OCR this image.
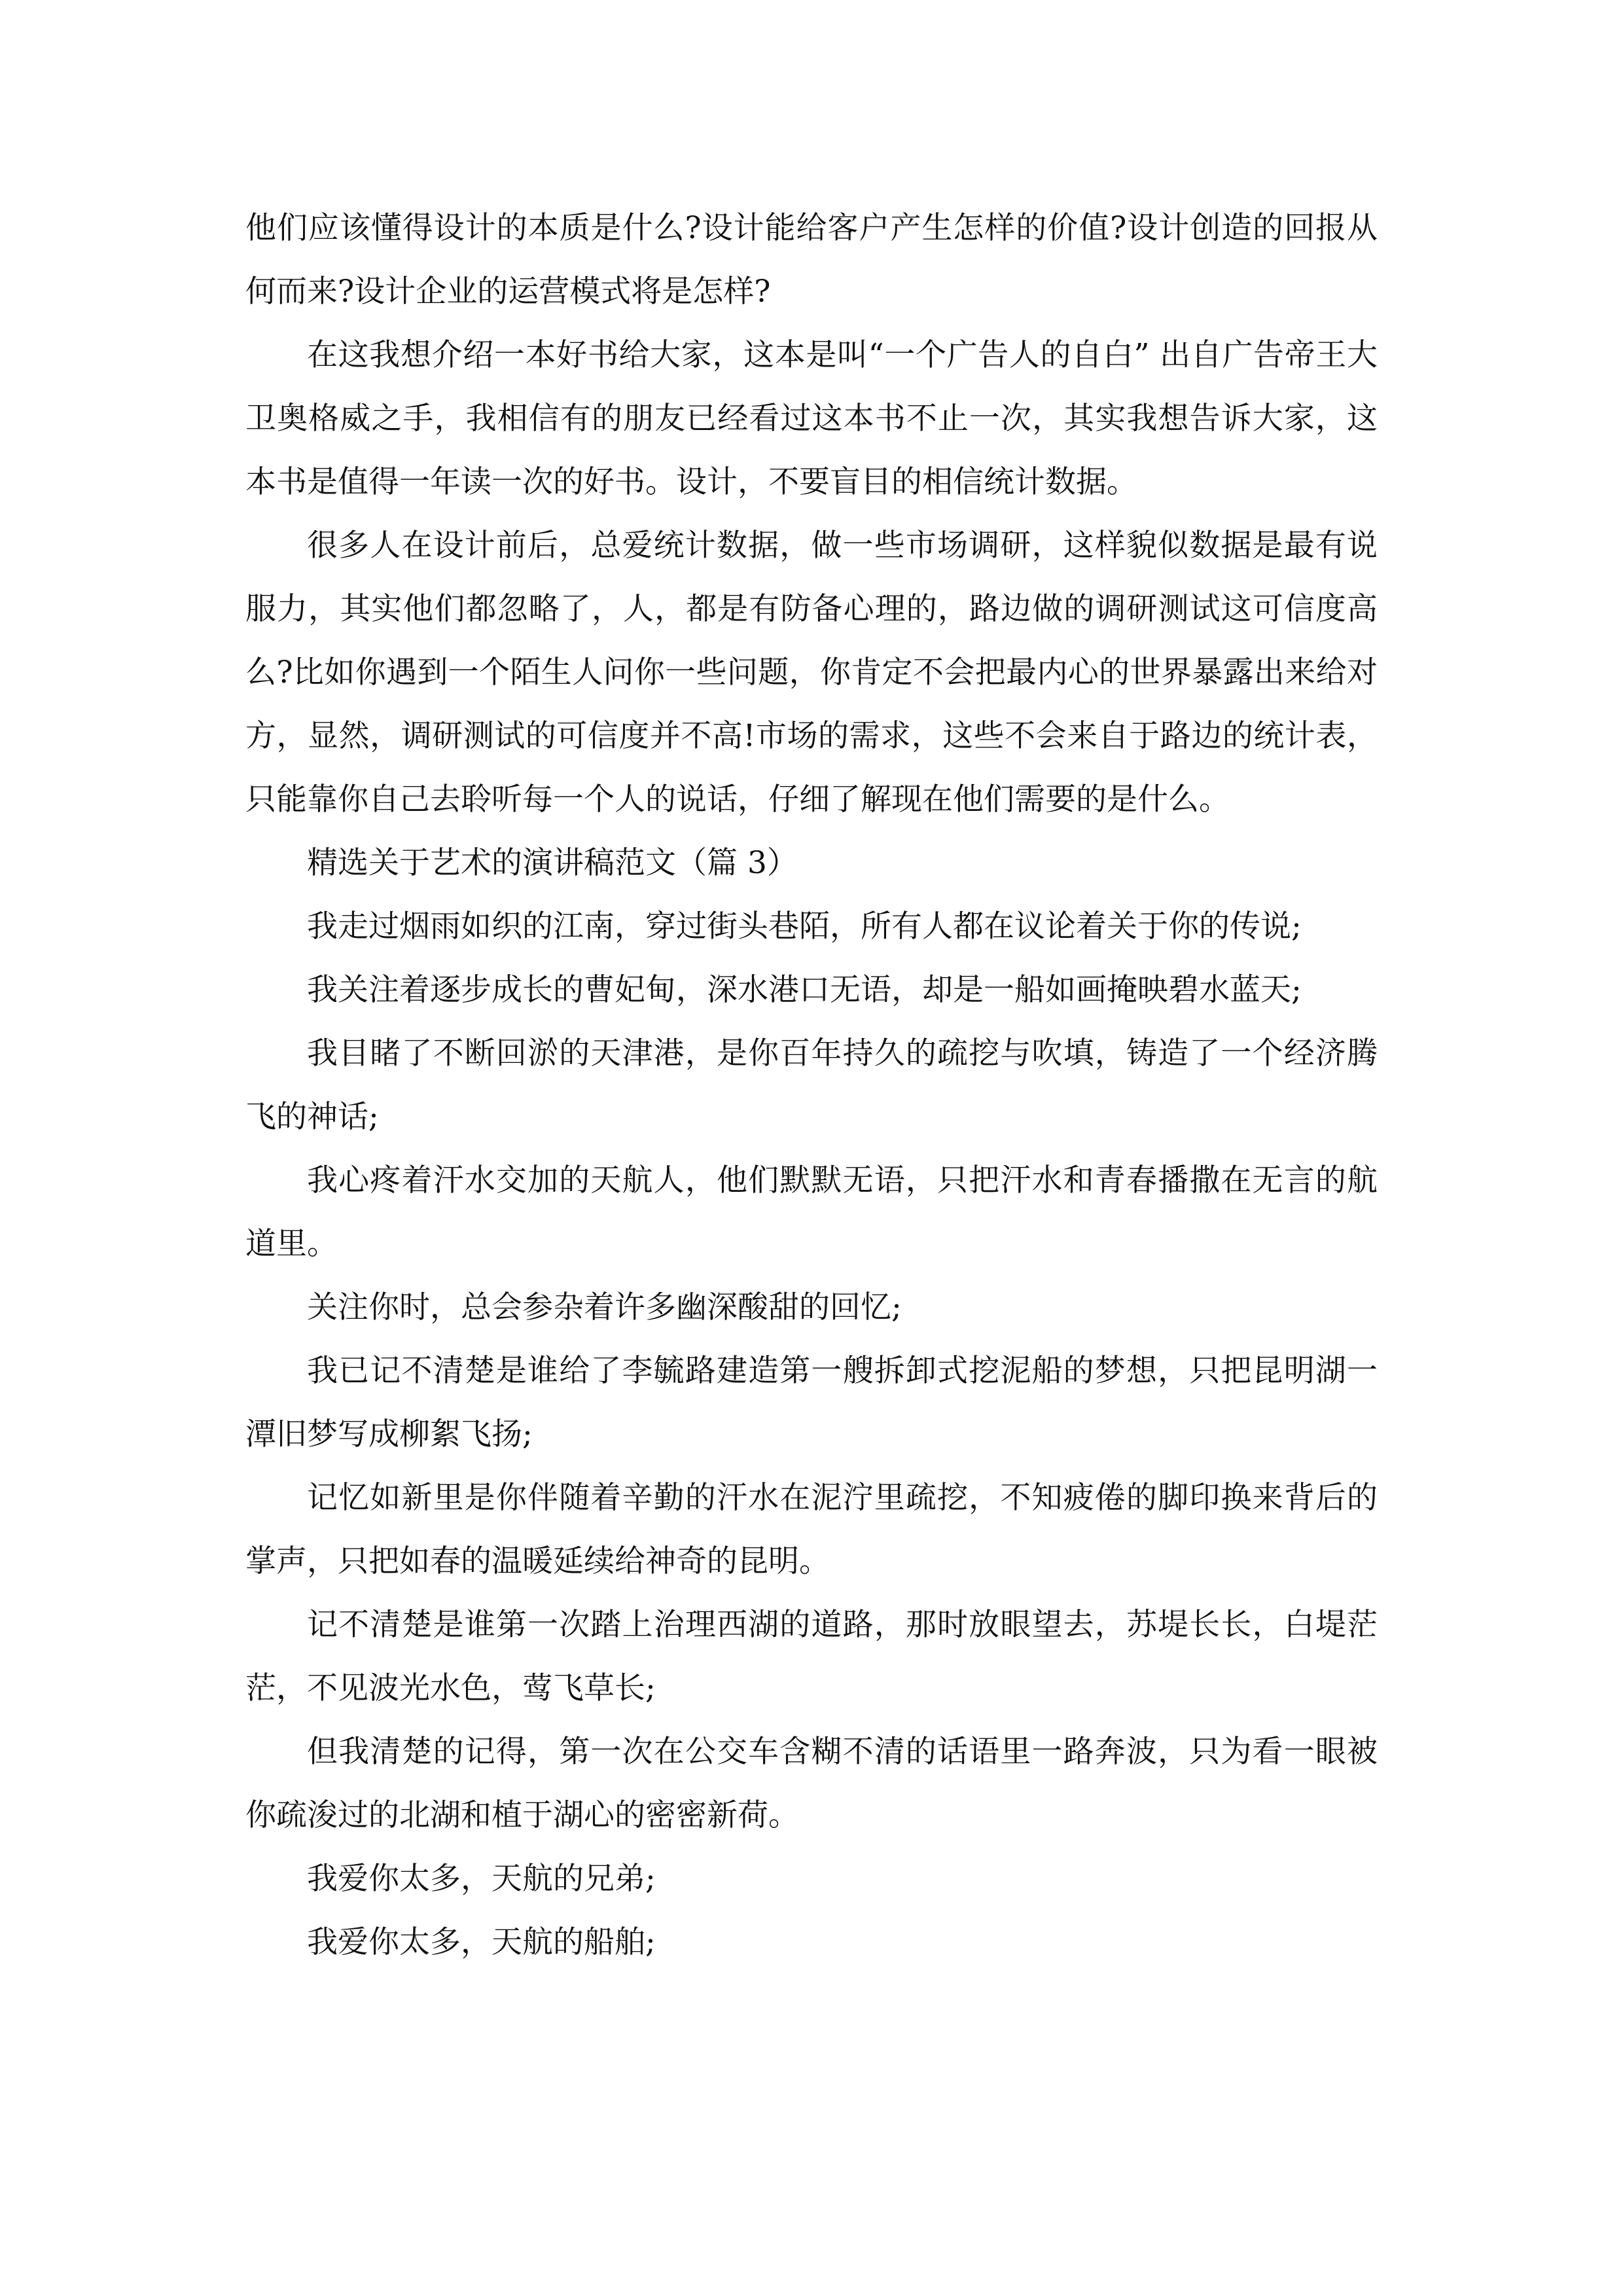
他们应该懂得设计的本质是什么?设计能给客户产生怎样的价值?设计创造的回报从何而来?设计企业的运营模式将是怎样?

在这我想介绍一本好书给大家，这本是叫“一个广告人的自白” 出自广告帝王大卫奥格威之手，我相信有的朋友已经看过这本书不止一次，其实我想告诉大家，这本书是值得一年读一次的好书。设计，不要盲目的相信统计数据。

很多人在设计前后，总爱统计数据，做一些市场调研，这样貌似数据是最有说服力，其实他们都忽略了，人，都是有防备心理的，路边做的调研测试这可信度高么?比如你遇到一个陌生人问你一些问题，你肯定不会把最内心的世界暴露出来给对方，显然，调研测试的可信度并不高!市场的需求，这些不会来自于路边的统计表，只能靠你自己去聆听每一个人的说话，仔细了解现在他们需要的是什么。

精选关于艺术的演讲稿范文（篇 3）

我走过烟雨如织的江南，穿过街头巷陌，所有人都在议论着关于你的传说;

我关注着逐步成长的曹妃甸，深水港口无语，却是一船如画掩映碧水蓝天;

我目睹了不断回淤的天津港，是你百年持久的疏挖与吹填，铸造了一个经济腾飞的神话;

我心疼着汗水交加的天航人，他们默默无语，只把汗水和青春播撒在无言的航道里。

关注你时，总会参杂着许多幽深酸甜的回忆;

我已记不清楚是谁给了李毓路建造第一艘拆卸式挖泥船的梦想，只把昆明湖一潭旧梦写成柳絮飞扬;

记忆如新里是你伴随着辛勤的汗水在泥泞里疏挖，不知疲倦的脚印换来背后的掌声，只把如春的温暖延续给神奇的昆明。

记不清楚是谁第一次踏上治理西湖的道路，那时放眼望去，苏堤长长，白堤茫茫，不见波光水色，莺飞草长;

但我清楚的记得，第一次在公交车含糊不清的话语里一路奔波，只为看一眼被你疏浚过的北湖和植于湖心的密密新荷。

我爱你太多，天航的兄弟;

我爱你太多，天航的船舶;
